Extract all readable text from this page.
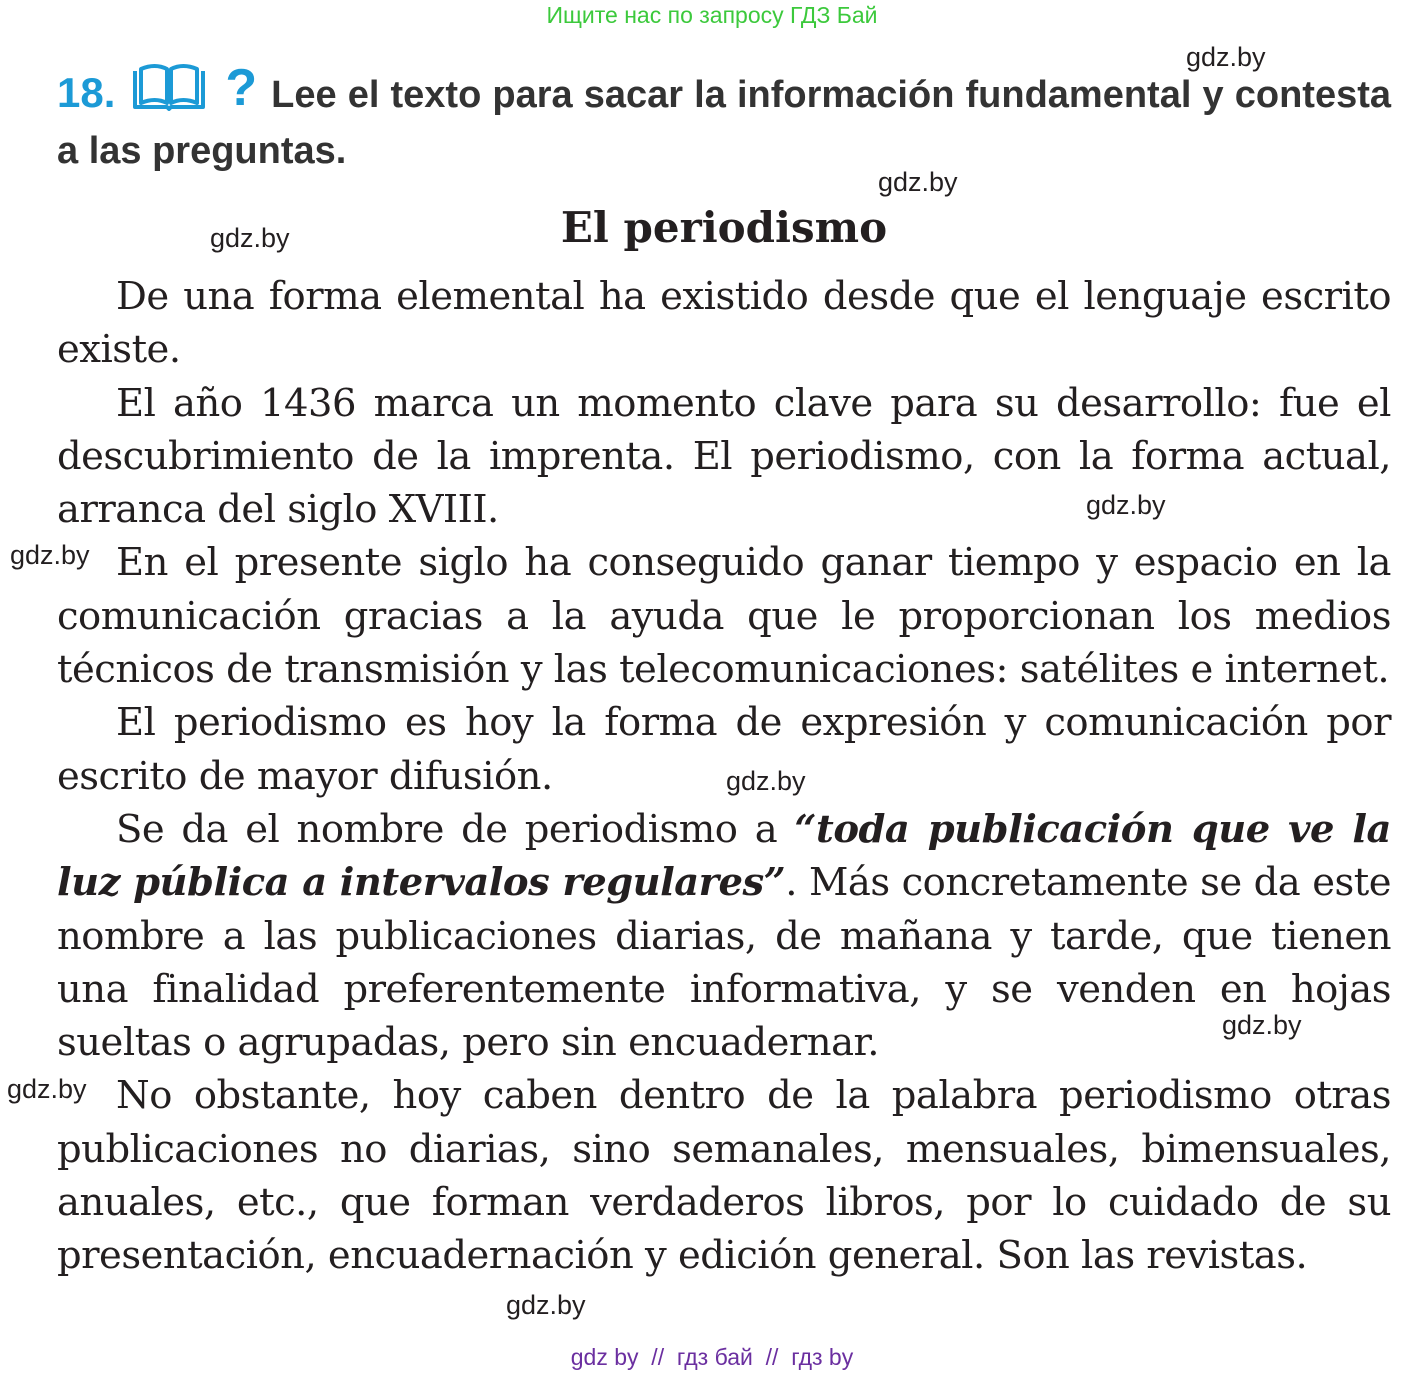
Ищите нас по запросу ГДЗ Бай
18. ? Lee el texto para sacar la información fundamental y contesta a las preguntas.
El periodismo

De una forma elemental ha existido desde que el lenguaje escrito existe.

El año 1436 marca un momento clave para su desarrollo: fue el descubrimiento de la imprenta. El periodismo, con la forma actual, arranca del siglo XVIII.

En el presente siglo ha conseguido ganar tiempo y espacio en la comunicación gracias a la ayuda que le proporcionan los medios técnicos de transmisión y las telecomunicaciones: satélites e internet.

El periodismo es hoy la forma de expresión y comunicación por escrito de mayor difusión.

Se da el nombre de periodismo a “toda publicación que ve la luz pública a intervalos regulares”. Más concretamente se da este nombre a las publicaciones diarias, de mañana y tarde, que tienen una finalidad preferentemente informativa, y se venden en hojas sueltas o agrupadas, pero sin encuadernar.

No obstante, hoy caben dentro de la palabra periodismo otras publicaciones no diarias, sino semanales, mensuales, bimensuales, anuales, etc., que forman verdaderos libros, por lo cuidado de su presentación, encuadernación y edición general. Son las revistas.

gdz.by
gdz.by
gdz.by
gdz.by
gdz.by
gdz.by
gdz.by
gdz.by
gdz.by
gdz by  //  гдз бай  //  гдз by
